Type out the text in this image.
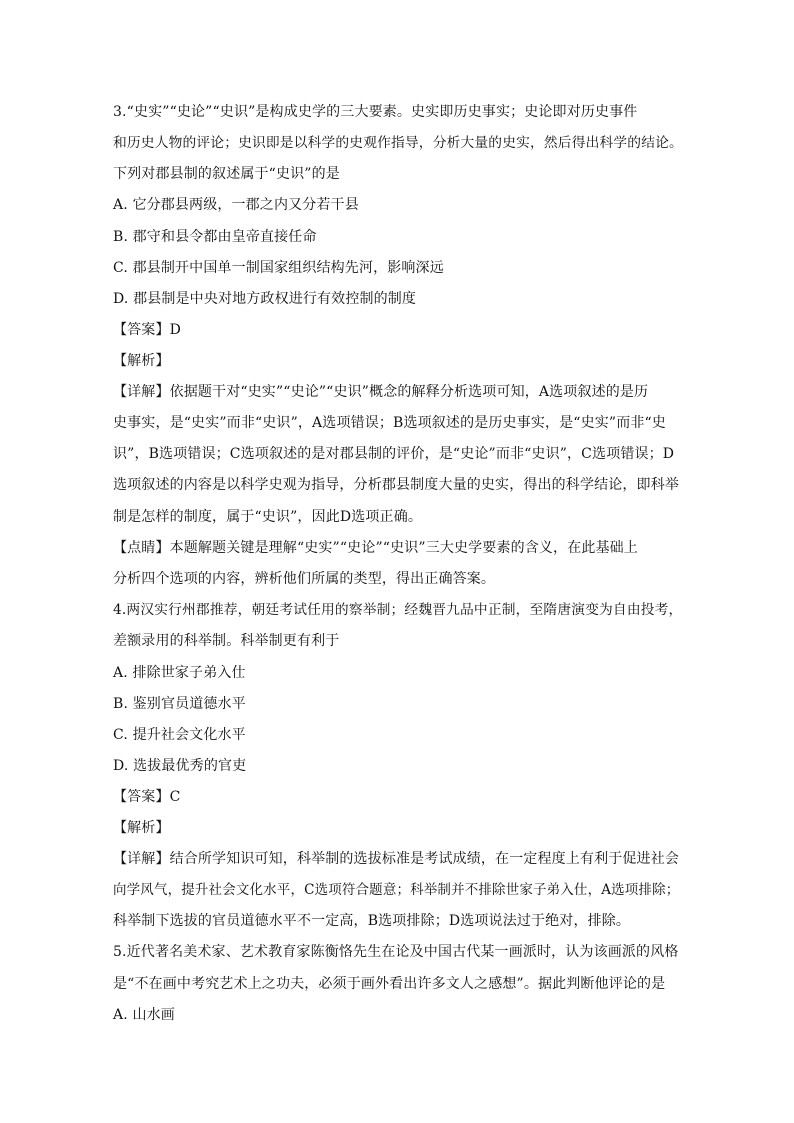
3.“史实”“史论”“史识”是构成史学的三大要素。史实即历史事实；史论即对历史事件
和历史人物的评论；史识即是以科学的史观作指导，分析大量的史实，然后得出科学的结论。
下列对郡县制的叙述属于“史识”的是
A. 它分郡县两级，一郡之内又分若干县
B. 郡守和县令都由皇帝直接任命
C. 郡县制开中国单一制国家组织结构先河，影响深远
D. 郡县制是中央对地方政权进行有效控制的制度
【答案】D
【解析】
【详解】依据题干对“史实”“史论”“史识”概念的解释分析选项可知，A选项叙述的是历
史事实，是“史实”而非“史识”，A选项错误；B选项叙述的是历史事实，是“史实”而非“史
识”，B选项错误；C选项叙述的是对郡县制的评价，是“史论”而非“史识”，C选项错误；D
选项叙述的内容是以科学史观为指导，分析郡县制度大量的史实，得出的科学结论，即科举
制是怎样的制度，属于“史识”，因此D选项正确。
【点睛】本题解题关键是理解“史实”“史论”“史识”三大史学要素的含义，在此基础上
分析四个选项的内容，辨析他们所属的类型，得出正确答案。
4.两汉实行州郡推荐，朝廷考试任用的察举制；经魏晋九品中正制，至隋唐演变为自由投考，
差额录用的科举制。科举制更有利于
A. 排除世家子弟入仕
B. 鉴别官员道德水平
C. 提升社会文化水平
D. 选拔最优秀的官吏
【答案】C
【解析】
【详解】结合所学知识可知，科举制的选拔标准是考试成绩，在一定程度上有利于促进社会
向学风气，提升社会文化水平，C选项符合题意；科举制并不排除世家子弟入仕，A选项排除；
科举制下选拔的官员道德水平不一定高，B选项排除；D选项说法过于绝对，排除。
5.近代著名美术家、艺术教育家陈衡恪先生在论及中国古代某一画派时，认为该画派的风格
是“不在画中考究艺术上之功夫，必须于画外看出许多文人之感想”。据此判断他评论的是
A. 山水画
